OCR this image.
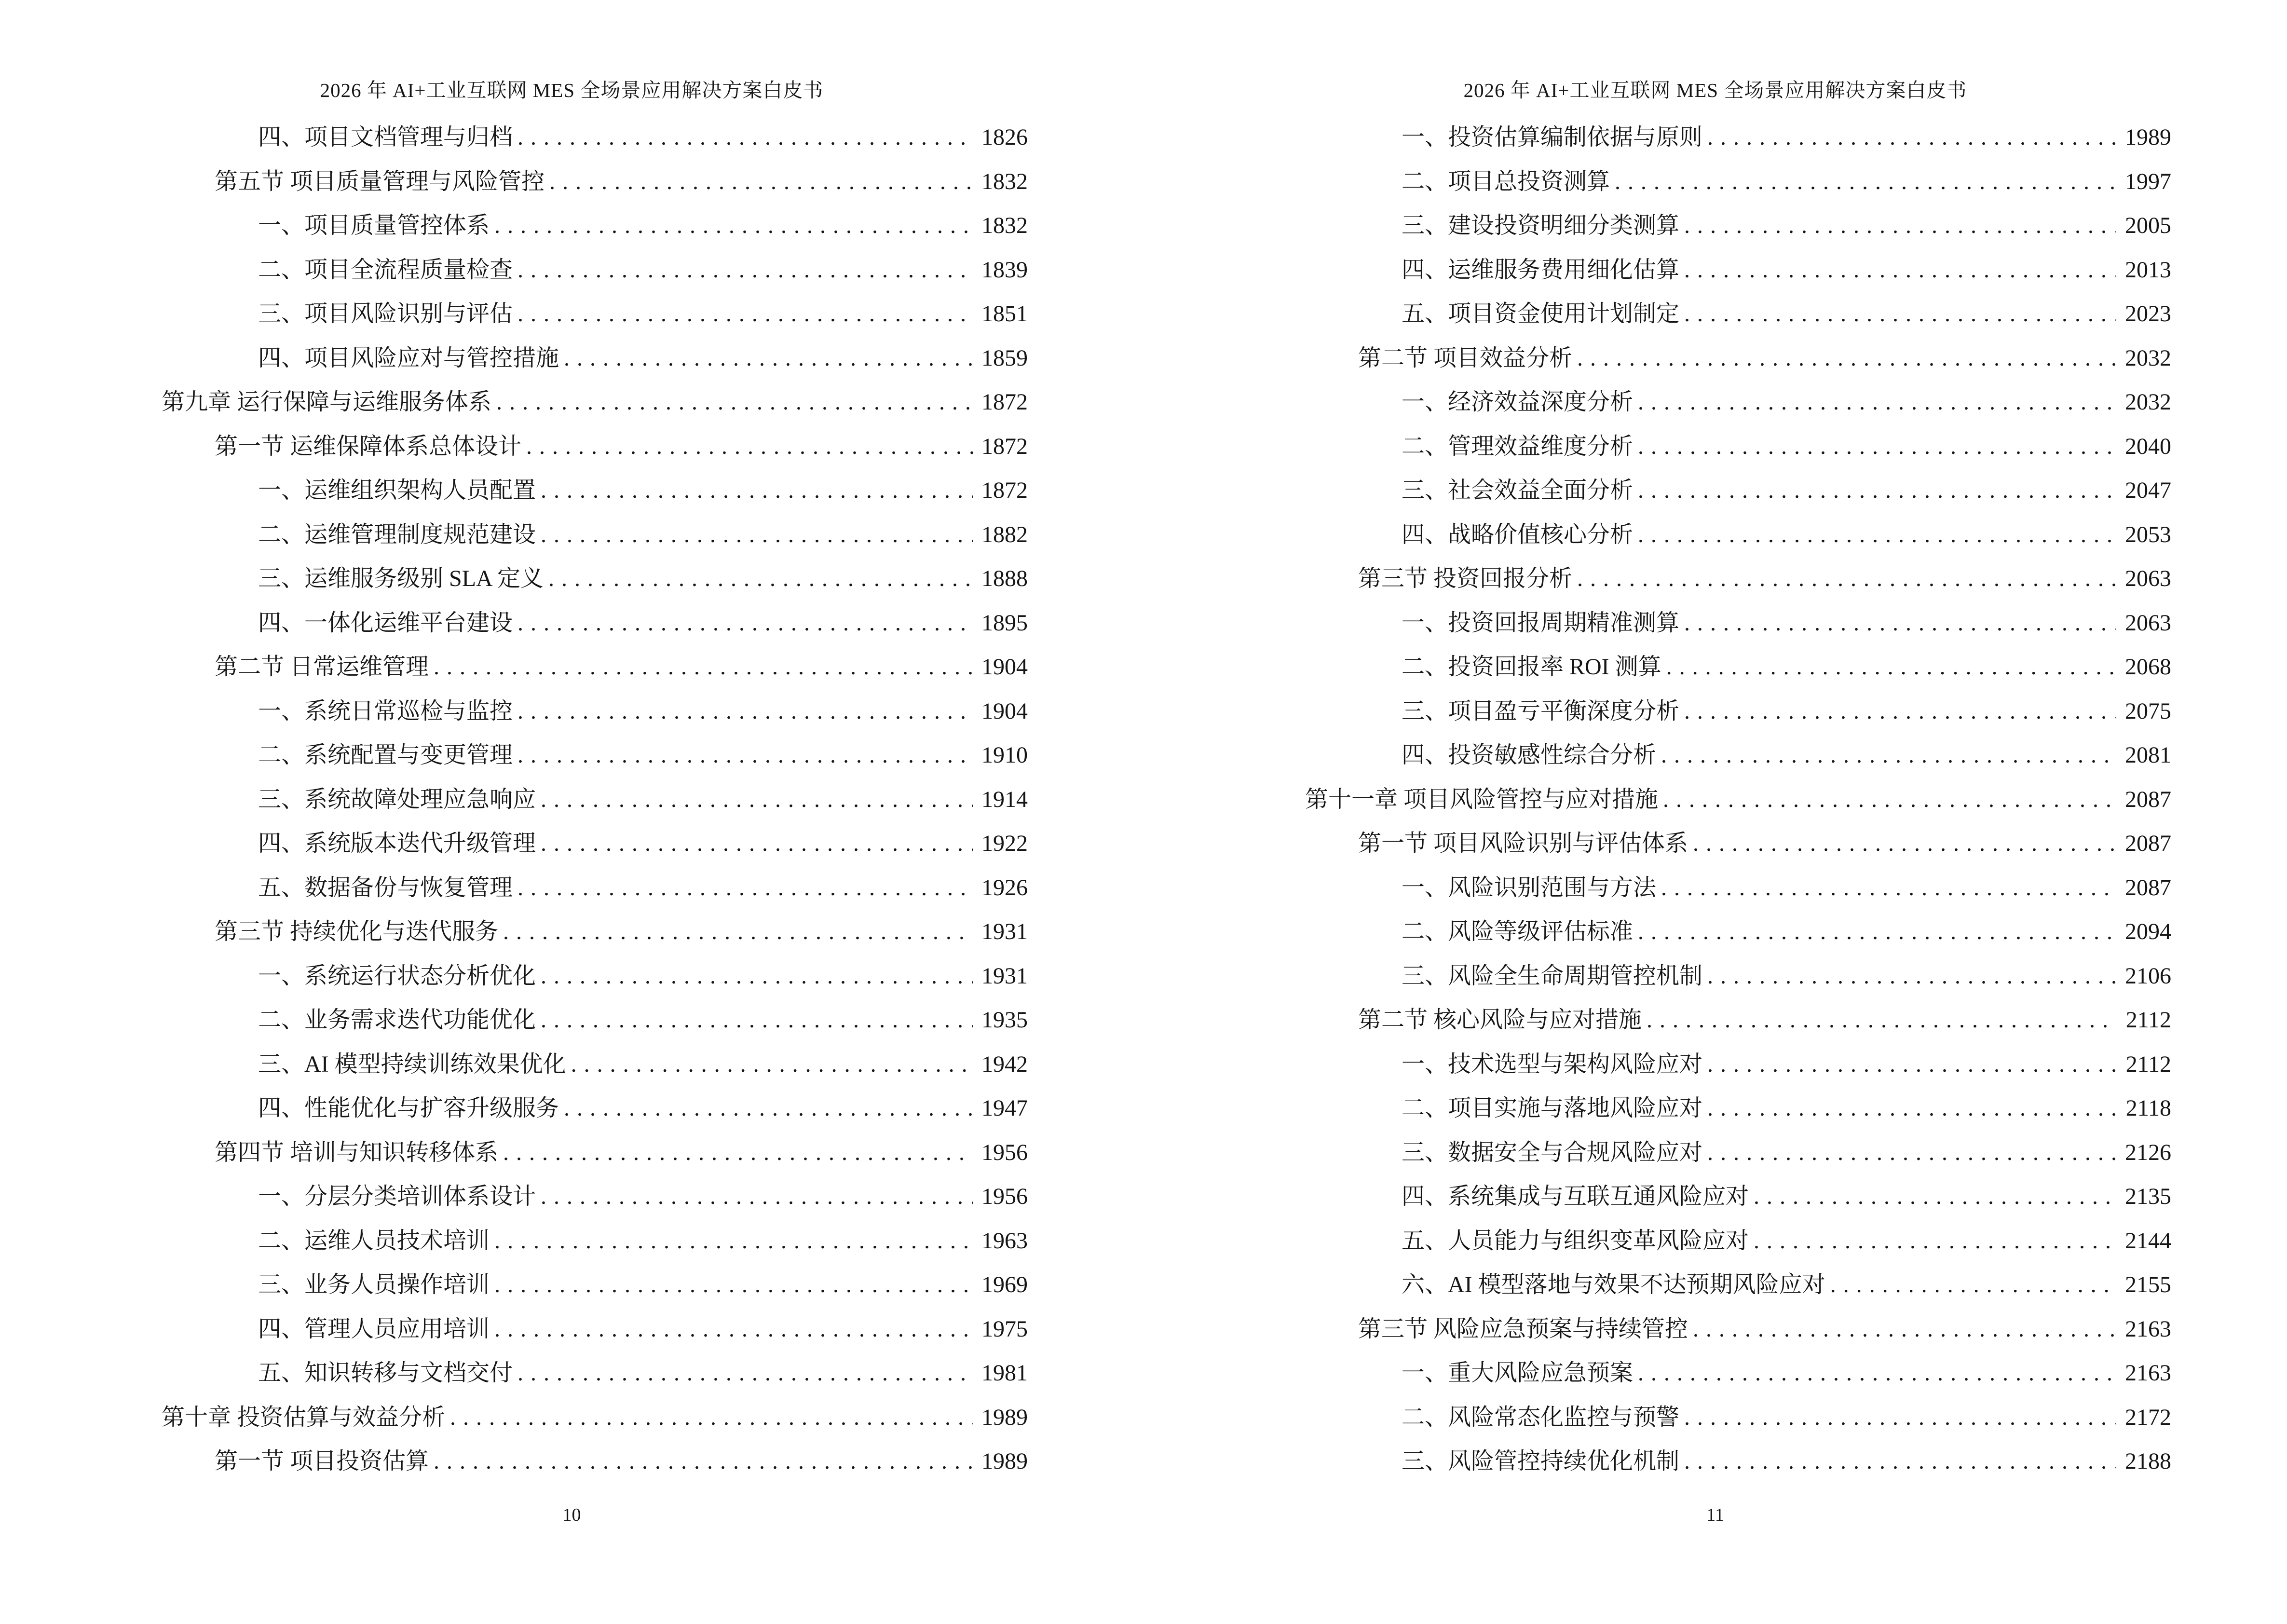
2026 年 AI+工业互联网 MES 全场景应用解决方案白皮书
四、项目文档管理与归档 .....	1826
第五节 项目质量管理与风险管控 .....	1832
一、项目质量管控体系 .....	1832
二、项目全流程质量检查 .....	1839
三、项目风险识别与评估 .....	1851
四、项目风险应对与管控措施 .....	1859
第九章 运行保障与运维服务体系 .....	1872
第一节 运维保障体系总体设计 .....	1872
一、运维组织架构人员配置 .....	1872
二、运维管理制度规范建设 .....	1882
三、运维服务级别 SLA 定义 .....	1888
四、一体化运维平台建设 .....	1895
第二节 日常运维管理 .....	1904
一、系统日常巡检与监控 .....	1904
二、系统配置与变更管理 .....	1910
三、系统故障处理应急响应 .....	1914
四、系统版本迭代升级管理 .....	1922
五、数据备份与恢复管理 .....	1926
第三节 持续优化与迭代服务 .....	1931
一、系统运行状态分析优化 .....	1931
二、业务需求迭代功能优化 .....	1935
三、AI 模型持续训练效果优化 .....	1942
四、性能优化与扩容升级服务 .....	1947
第四节 培训与知识转移体系 .....	1956
一、分层分类培训体系设计 .....	1956
二、运维人员技术培训 .....	1963
三、业务人员操作培训 .....	1969
四、管理人员应用培训 .....	1975
五、知识转移与文档交付 .....	1981
第十章 投资估算与效益分析 .....	1989
第一节 项目投资估算 .....	1989
10
2026 年 AI+工业互联网 MES 全场景应用解决方案白皮书
一、投资估算编制依据与原则 .....	1989
二、项目总投资测算 .....	1997
三、建设投资明细分类测算 .....	2005
四、运维服务费用细化估算 .....	2013
五、项目资金使用计划制定 .....	2023
第二节 项目效益分析 .....	2032
一、经济效益深度分析 .....	2032
二、管理效益维度分析 .....	2040
三、社会效益全面分析 .....	2047
四、战略价值核心分析 .....	2053
第三节 投资回报分析 .....	2063
一、投资回报周期精准测算 .....	2063
二、投资回报率 ROI 测算 .....	2068
三、项目盈亏平衡深度分析 .....	2075
四、投资敏感性综合分析 .....	2081
第十一章 项目风险管控与应对措施 .....	2087
第一节 项目风险识别与评估体系 .....	2087
一、风险识别范围与方法 .....	2087
二、风险等级评估标准 .....	2094
三、风险全生命周期管控机制 .....	2106
第二节 核心风险与应对措施 .....	2112
一、技术选型与架构风险应对 .....	2112
二、项目实施与落地风险应对 .....	2118
三、数据安全与合规风险应对 .....	2126
四、系统集成与互联互通风险应对 .....	2135
五、人员能力与组织变革风险应对 .....	2144
六、AI 模型落地与效果不达预期风险应对 .....	2155
第三节 风险应急预案与持续管控 .....	2163
一、重大风险应急预案 .....	2163
二、风险常态化监控与预警 .....	2172
三、风险管控持续优化机制 .....	2188
11
